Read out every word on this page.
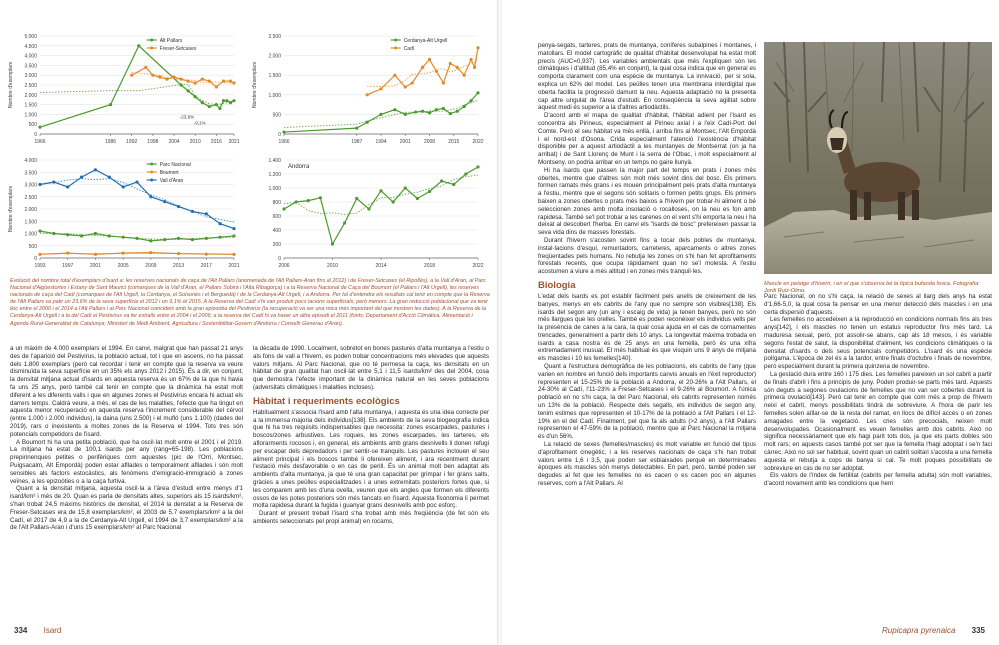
0
500
1.000
1.500
2.000
2.500
3.000
3.500
4.000
4.500
5.000
1966	1986 1992 1998 2004 2010 2016 2021
Nombre d'exemplars
Alt Pallars
Freser-Setcases
-23,6%
-9,1%
0
500
1.000
1.500
2.000
2.500
1966	1987	1994	2001	2008	2015	2022
Nombre d'exemplars
Cerdanya-Alt Urgell
Cadí
0
500
1.000
1.500
2.000
2.500
3.000
3.500
4.000
1993	1997	2001	2005	2009	2013	2017	2021
Nombre d'exemplars
Parc Nacional
Boumort
Vall d'Aran
0
200
400
600
800
1.000
1.200
1.400
2006	2010	2014	2018	2022
Andorra
Evolució del nombre total d'exemplars d'isard a: les reserves nacionals de caça de l'Alt Pallars (anomenada de l'Alt Pallars-Aran fins al 2012) i de Freser-Setcases (el Ripollès), a la Vall d'Aran, al Parc Nacional d'Aigüestortes i Estany de Sant Maurici (comarques de la Vall d'Aran, el Pallars Sobirà i l'Alta Ribagorça) i a la Reserva Nacional de Caça del Boumort (el Pallars i l'Alt Urgell), les reserves nacionals de caça del Cadí (comarques de l'Alt Urgell, la Cerdanya, el Solsonès i el Berguedà) i de la Cerdanya-Alt Urgell, i a Andorra. Per tal d'entendre els resultats cal tenir en compte que la Reserva de l'Alt Pallars va patir un 23,6% de la seva superfície el 2012 i un 9,1% el 2015. A la Reserva del Cadí s'hi van produir pocs lacions superficials, però menors. La gran reducció poblacional que va tenir lloc entre el 2000 i el 2014 a l'Alt Pallars i al Parc Nacional coincideix amb la gran epizoòtia del Pestivirus (la recuperació va ser una mica més important del que mostren les dades). A la Reserva de la Cerdanya-Alt Urgell i a la del Cadí el Pestivirus va fer estralls entre el 2004 i el 2006; a la reserva del Cadí hi va haver un altre episodi el 2011 (fonts: Departament d'Acció Climàtica, Alimentació i Agenda Rural-Generalitat de Catalunya; Ministeri de Medi Ambient, Agricultura i Sostenibilitat-Govern d'Andorra i Conselh Generau d'Aran).

a un màxim de 4.000 exemplars el 1994. En canvi, malgrat que han passat 21 anys des de l'aparició del Pestivirus, la població actual, tot i que en ascens, no ha passat dels 1.800 exemplars (però cal recordar i tenir en compte que la reserva va veure disminuïda la seva superfície en un 35% els anys 2012 i 2015). És a dir, en conjunt, la densitat mitjana actual d'isards en aquesta reserva és un 67% de la que hi havia fa uns 25 anys, però també cal tenir en compte que la dinàmica ha estat molt diferent a les diferents valls i que en algunes zones el Pestivirus encara hi actuat els darrers temps. Caldrà veure, a més, el cas de les malalties, l'efecte que ha tingut en aquesta menor recuperació en aquesta reserva l'increment considerable del cérvol (entre 1.000 i 2.000 individus), la daina (uns 2.500) i el mufló (uns 1.100) (dades del 2019), rars o inexistents a moltes zones de la Reserva el 1994. Tots tres són potencials competidors de l'isard.

A Boumort hi ha una petita població, que ha oscil·lat molt entre el 2001 i el 2019. La mitjana ha estat de 100,1 isards per any (rang=65-198). Les poblacions prepirinenques petites o perifèriques com aquestes (pic de l'Orri, Montsec, Puigsacalm, Alt Empordà) poden estar afllades o temporalment afllades i són molt sensibles als factors estocàstics, als fenòmens d'emigració-immigració a zones veïnes, a les epizoòties o a la caça furtiva.

Quant a la densitat mitjana, aquesta oscil·la a l'àrea d'estudi entre menys d'1 isard/km² i més de 20. Quan es parla de densitats altes, superiors als 15 isards/km², s'han trobat 24,5 màxims històrics de densitat, el 2014 la densitat a la Reserva de Freser-Setcases era de 15,8 exemplars/km², el 2003 de 5,7 exemplars/km² a la del Cadí, el 2017 de 4,9 a la de Cerdanya-Alt Urgell, el 1994 de 3,7 exemplars/km² a la de l'Alt Pallars-Aran i d'uns 15 exemplars/km² al Parc Nacional

la dècada de 1990. Localment, sobretot en bones pastures d'alta muntanya a l'estiu o als fons de vall a l'hivern, es poden trobar concentracions més elevades que aquests valors mitjans. Al Parc Nacional, que no té permesa la caça, les densitats en un hàbitat de gran qualitat han oscil·lat entre 5,1 i 11,5 isards/km² des del 2004, cosa que demostra l'efecte important de la dinàmica natural en les seves poblacions (adversitats climàtiques i malalties incloses).

Hàbitat i requeriments ecològics

Habitualment s'associa l'isard amb l'alta muntanya, i aquesta és una idea correcte per a la immensa majoria dels individus[138]. Els ambients de la seva biogeografia indica que hi ha tres requisits indispensables que necessita: zones escarpades, pastures i boscos/zones arbustives. Les roques, les zones escarpades, les tarteres, els aflorarments rocosos i, en general, els ambients amb grans desnivells li donen refugi per escapar dels depredadors i per sentir-se tranquils. Les pastures inclouen el seu aliment principal i els boscos també li ofereixen aliment, i ara recentment durant l'estació més desfavorable o en cas de perill. És un animal molt ben adaptat als ambients d'alta muntanya, ja que té una gran capacitat per grimpar i fer grans salts, gràcies a unes peülles especialitzades i a unes extremitats posteriors fortes que, si les comparem amb les d'una ovella, veuren que els angles que formen els diferents ossos de les potes posteriors són més tancats en l'isard. Aquesta fisonomia li permet molta rapidesa durant la fugida i guanyar grans desnivells amb poc esforç.

Durant el present treball l'isard s'ha trobat amb més freqüència (de fet són els ambients seleccionats pel propi animal) en rocams,

334 Isard

penya-segats, tarteres, prats de muntanya, coníferes subalpines i montanes, i matollars. El model cartogràfic de qualitat d'hàbitat desenvolupat ha estat molt precís (AUC=0,937). Les variables ambientals que més l'expliquen són les climàtiques i d'altitud (85,4% en conjunt), la qual cosa indica que en general es comporta clarament com una espècie de muntanya. La innivació, per si sola, explica un 62% del model. Les peülles tenen una membrana interdigital que oberta facilita la progressió damunt la neu. Aquesta adaptació no la presenta cap altre ungulat de l'àrea d'estudi. En conseqüència la seva agilitat sobre aquest medi és superior a la d'altres artiodàctils.

D'acord amb el mapa de qualitat d'hàbitat, l'hàbitat adient per l'isard es concentra als Pirineus, especialment al Pirineu axial i a l'eix Cadí-Port del Comte. Però el seu hàbitat va més enllà, i arriba fins al Montsec, l'Alt Empordà i el nord-est d'Osona. Crida especialment l'atenció l'existència d'hàbitat disponible per a aquest artiodàctil a les muntanyes de Montserrat (on ja ha arribat) i de Sant Llorenç de Munt i la serra de l'Obac, i molt especialment al Montseny, on podria arribar en un temps no gaire llunyà.

Hi ha isards que passen la major part del temps en prats i zones més obertes, mentre que d'altres són molt més sovint dins del bosc. Els primers formen ramats més grans i es mouen principalment pels prats d'alta muntanya a l'estiu, mentre que el segons són solitaris o formen petits grups. Els primers baixen a zones obertes o prats més baixos a l'hivern per trobar-hi aliment o bé seleccionen zones amb molta insolació o rocalloses, on la neu es fon amb rapidesa. També se'l pot trobar a les carenes on el vent s'hi emporta la neu i ha deixat al descobert l'herba. En canvi els "isards de bosc" prefereixen passar la seva vida dins de masses forestals.

Durant l'hivern s'acosten sovint fins a tocar dels pobles de muntanya, instal·lacions d'esquí, remuntadors, carreteres, aparcaments o altres zones freqüentades pels humans. No rebutja les zones on s'hi han fet aprofitaments forestals recents, que ocupa ràpidament quan no se'l molesta. A l'estiu acostumen a viure a més altitud i en zones més tranquil·les.

Biologia

L'edat dels isards es pot establir fàcilment pels anells de creixement de les banyes, menys en els cabrits de l'any que no sempre són visibles[138]. Els isards del segon any (un any i escaig de vida) ja tenen banyes, però no són més llargues que les orelles. També es poden reconèixer els individus vells per la presència de canes a la cara, la qual cosa ajuda en el cas de cornamentes trencades, generalment a partir dels 10 anys. La longevitat màxima trobada en isards a casa nostra és de 25 anys en una femella, però és una xifra extremadament inusual. El més habitual és que visquin uns 9 anys de mitjana els mascles i 10 les femelles[140].

Quant a l'estructura demogràfica de les poblacions, els cabrits de l'any (que varien en nombre en funció dels importants canvis anuals en l'èxit reproductor) representen el 15-25% de la població a Andorra, el 20-26% a l'Alt Pallars, el 24-30% al Cadí, l'11-23% a Freser-Setcases i el 9-26% al Boumort. A l'única població en no s'hi caça, la del Parc Nacional, els cabrits representen només un 13% de la població. Respecte dels segalls, els individus de segon any, tenim estimes que representen el 10-17% de la població a l'Alt Pallars i el 12-19% en el del Cadí. Finalment, pel que fa als adults (>2 anys), a l'Alt Pallars representen el 47-59% de la població, mentre que al Parc Nacional la mitjana és d'un 56%.

La relació de sexes (femelles/mascles) és molt variable en funció del tipus d'aprofitament cinegètic, i a les reserves nacionals de caça s'hi han trobat valors entre 1,6 i 3,5, que poden ser esbiaixades perquè en determinades èpoques els mascles són menys detectables. En part, però, també poden ser degudes al fet que les femelles no es cacen o es cacen poc en algunes reserves, com a l'Alt Pallars. Al

Mascle en pelatge d'hivern, i en el que s'observa bé la típica bufanda fosca. Fotografia: Jordi Ruiz-Olmo.

Parc Nacional, on no s'hi caça, la relació de sexes al llarg dels anys ha estat d'1,66-5,0, la qual cosa fa pensar en una menor detecció dels mascles i en una certa dispersió d'aquests.

Les femelles no accedeixen a la reproducció en condicions normals fins als tres anys[142], i els mascles no tenen un estatus reproductor fins més tard. La maduresa sexual, però, pot assolir-se abans, cap als 18 mesos, i és variable segons l'estat de salut, la disponibilitat d'aliment, les condicions climàtiques o la densitat d'isards o dels seus potencials competidors. L'isard és una espècie polígama. L'època de zel és a la tardor, entre finals d'octubre i finals de novembre, però especialment durant la primera quinzena de novembre.

La gestació dura entre 160 i 175 dies. Les femelles pareixen un sol cabrit a partir de finals d'abril i fins a principis de juny. Poden produir-se parts més tard. Aquests són deguts a segones ovulacions de femelles que no van ser cobertes durant la primera ovulació[143]. Però cal tenir en compte que com més a prop de l'hivern neixi el cabrit, menys possibilitats tindrà de sobreviure. A l'hora de parir les femelles solen aïllar-se de la resta del ramat, en llocs de difícil accés o en zones amagades entre la vegetació. Les cries són precocials, neixen molt desenvolupades. Ocasionalment es veuen femelles amb dos cabrits. Això no significa necessàriament que els hagi parit tots dos, ja que els parts dobles són molt rars; en aquests casos també pot ser que la femella l'hagi adoptat i se'n faci càrrec. Això no sol ser habitual, sovint quan un cabrit solitari s'acosta a una femella aquesta el rebutja a cops de banya si cal. Te molt poques possibilitats de sobreviure en cas de no ser adoptat.

Els valors de l'índex de fertilitat (cabrits per femella adulta) són molt variables, d'acord novament amb les condicions que hem

Rupicapra pyrenaica 335
